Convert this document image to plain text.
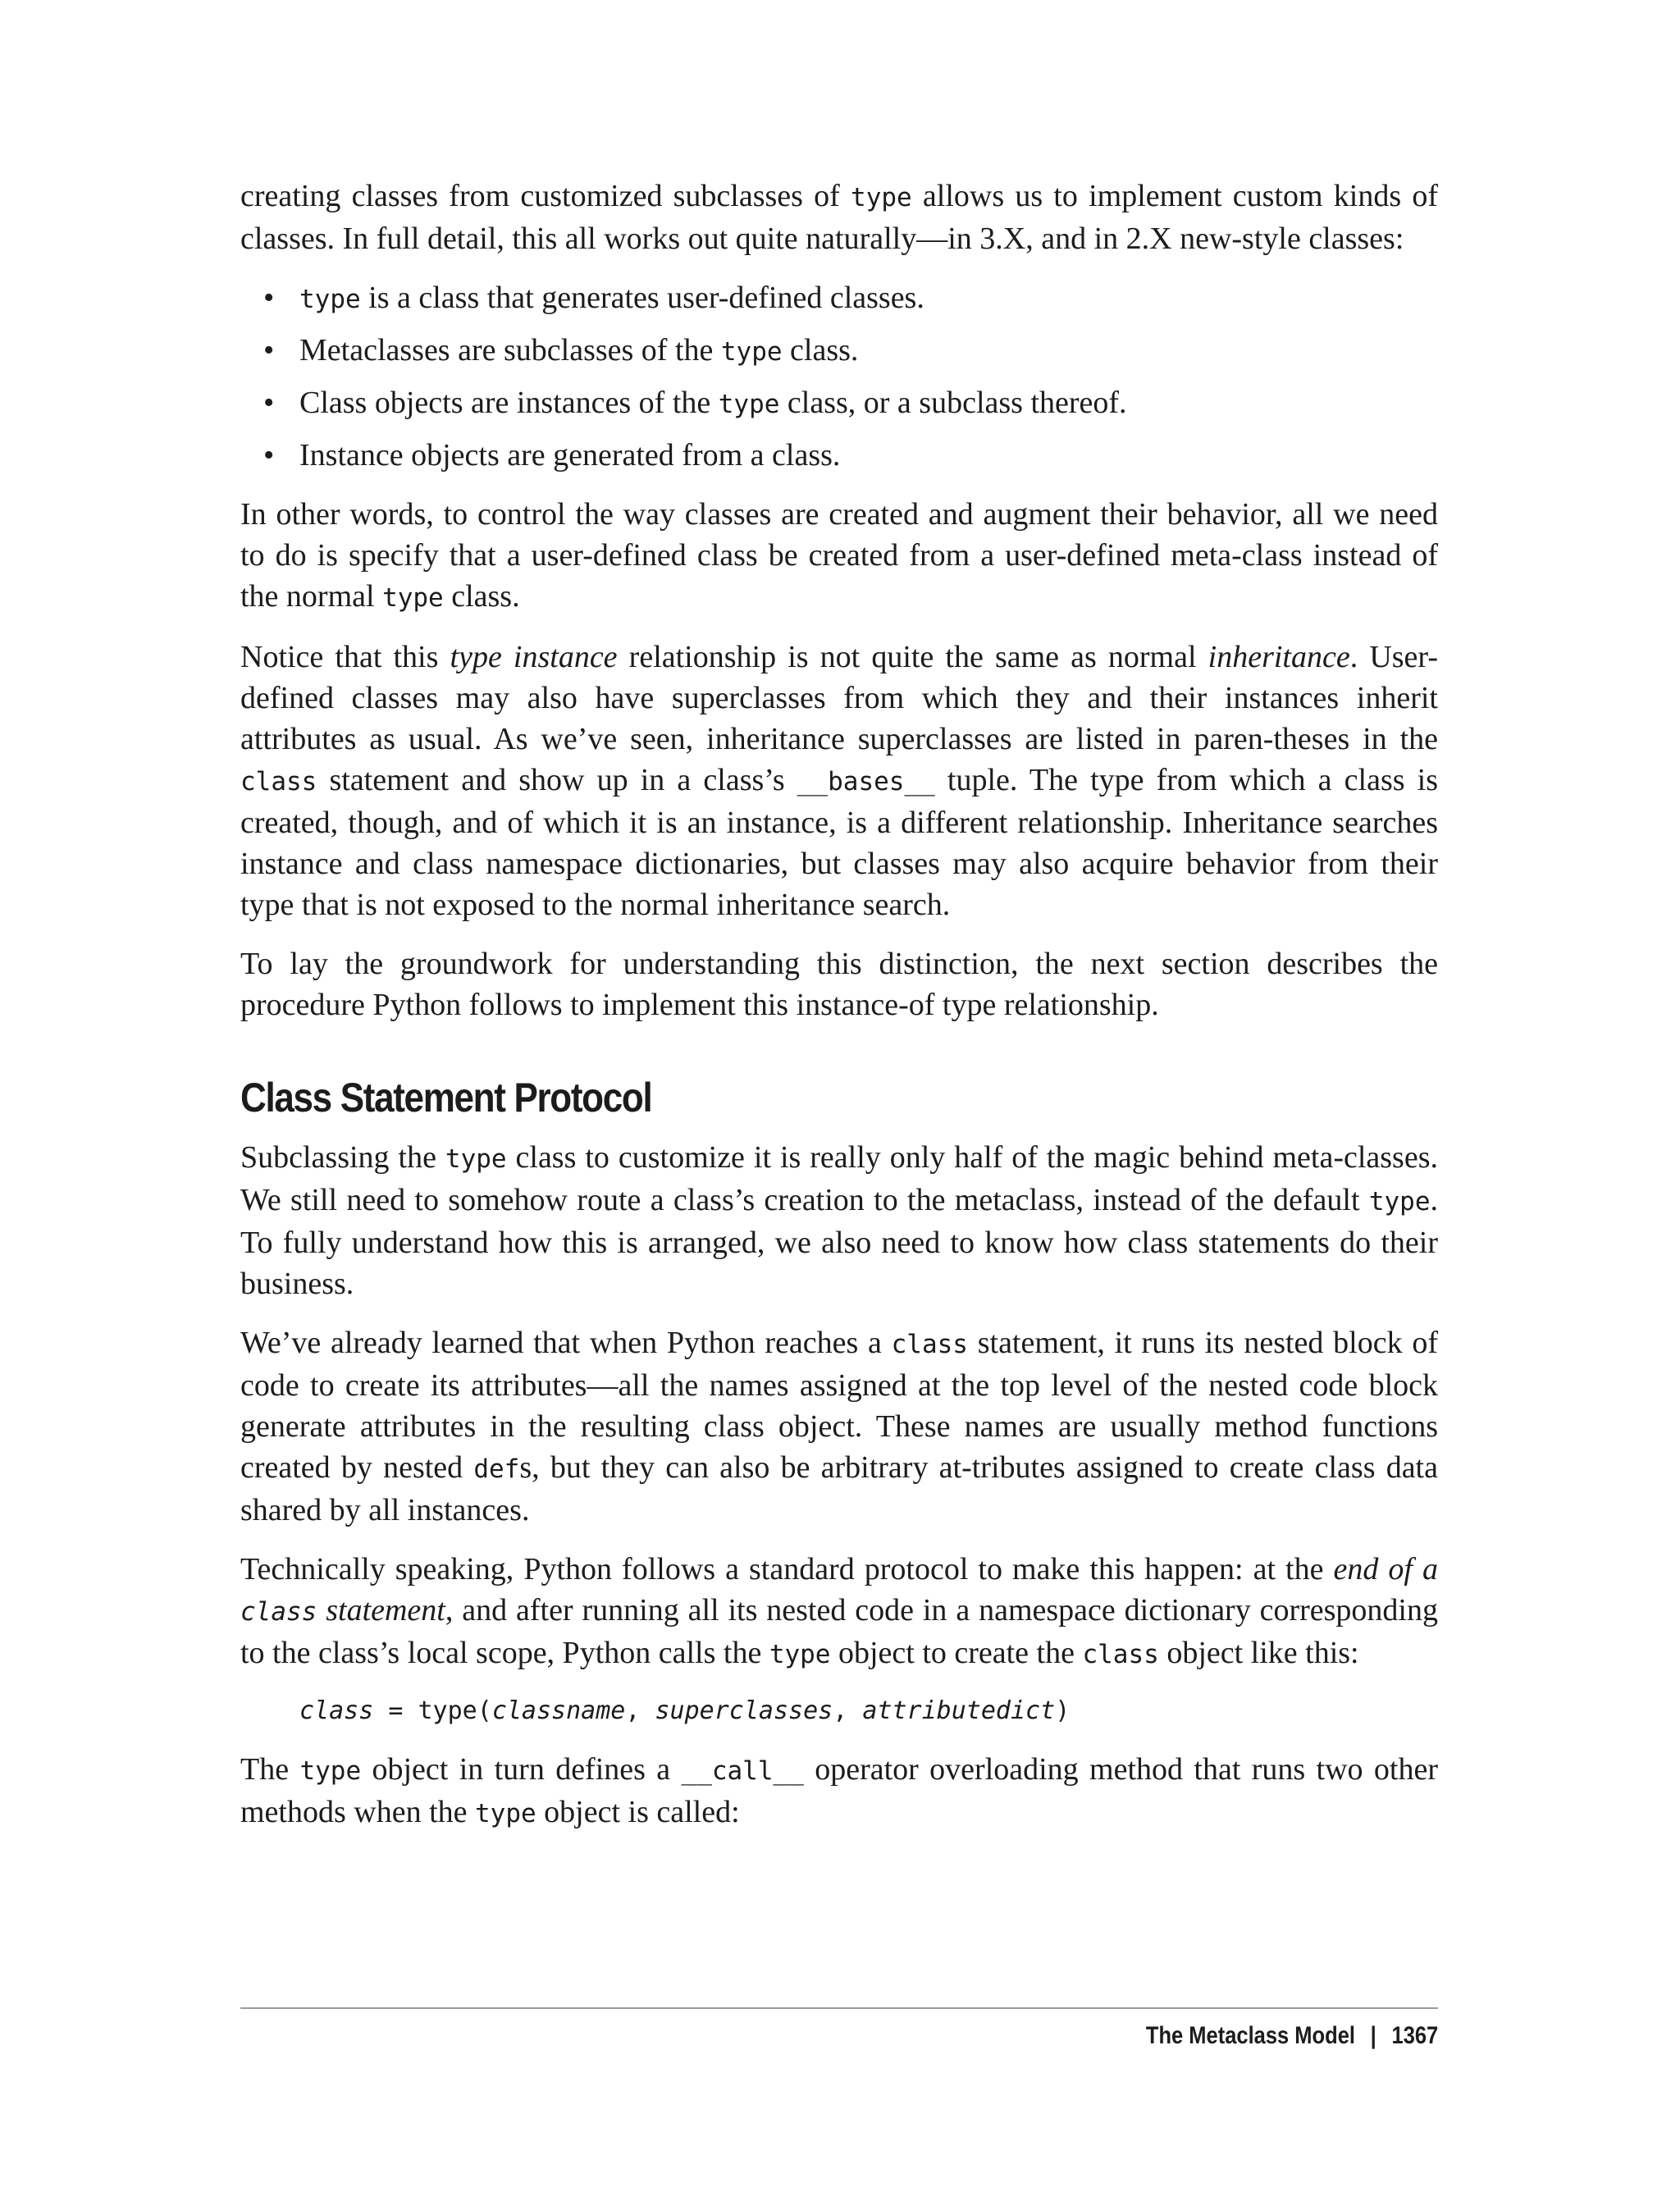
creating classes from customized subclasses of type allows us to implement custom kinds of classes. In full detail, this all works out quite naturally—in 3.X, and in 2.X new-style classes:

• type is a class that generates user-defined classes.
• Metaclasses are subclasses of the type class.
• Class objects are instances of the type class, or a subclass thereof.
• Instance objects are generated from a class.

In other words, to control the way classes are created and augment their behavior, all we need to do is specify that a user-defined class be created from a user-defined meta-class instead of the normal type class.

Notice that this type instance relationship is not quite the same as normal inheritance. User-defined classes may also have superclasses from which they and their instances inherit attributes as usual. As we’ve seen, inheritance superclasses are listed in paren-theses in the class statement and show up in a class’s __bases__ tuple. The type from which a class is created, though, and of which it is an instance, is a different relationship. Inheritance searches instance and class namespace dictionaries, but classes may also acquire behavior from their type that is not exposed to the normal inheritance search.

To lay the groundwork for understanding this distinction, the next section describes the procedure Python follows to implement this instance-of type relationship.

Class Statement Protocol

Subclassing the type class to customize it is really only half of the magic behind meta-classes. We still need to somehow route a class’s creation to the metaclass, instead of the default type. To fully understand how this is arranged, we also need to know how class statements do their business.

We’ve already learned that when Python reaches a class statement, it runs its nested block of code to create its attributes—all the names assigned at the top level of the nested code block generate attributes in the resulting class object. These names are usually method functions created by nested defs, but they can also be arbitrary at-tributes assigned to create class data shared by all instances.

Technically speaking, Python follows a standard protocol to make this happen: at the end of a class statement, and after running all its nested code in a namespace dictionary corresponding to the class’s local scope, Python calls the type object to create the class object like this:

class = type(classname, superclasses, attributedict)

The type object in turn defines a __call__ operator overloading method that runs two other methods when the type object is called:

The Metaclass Model | 1367
